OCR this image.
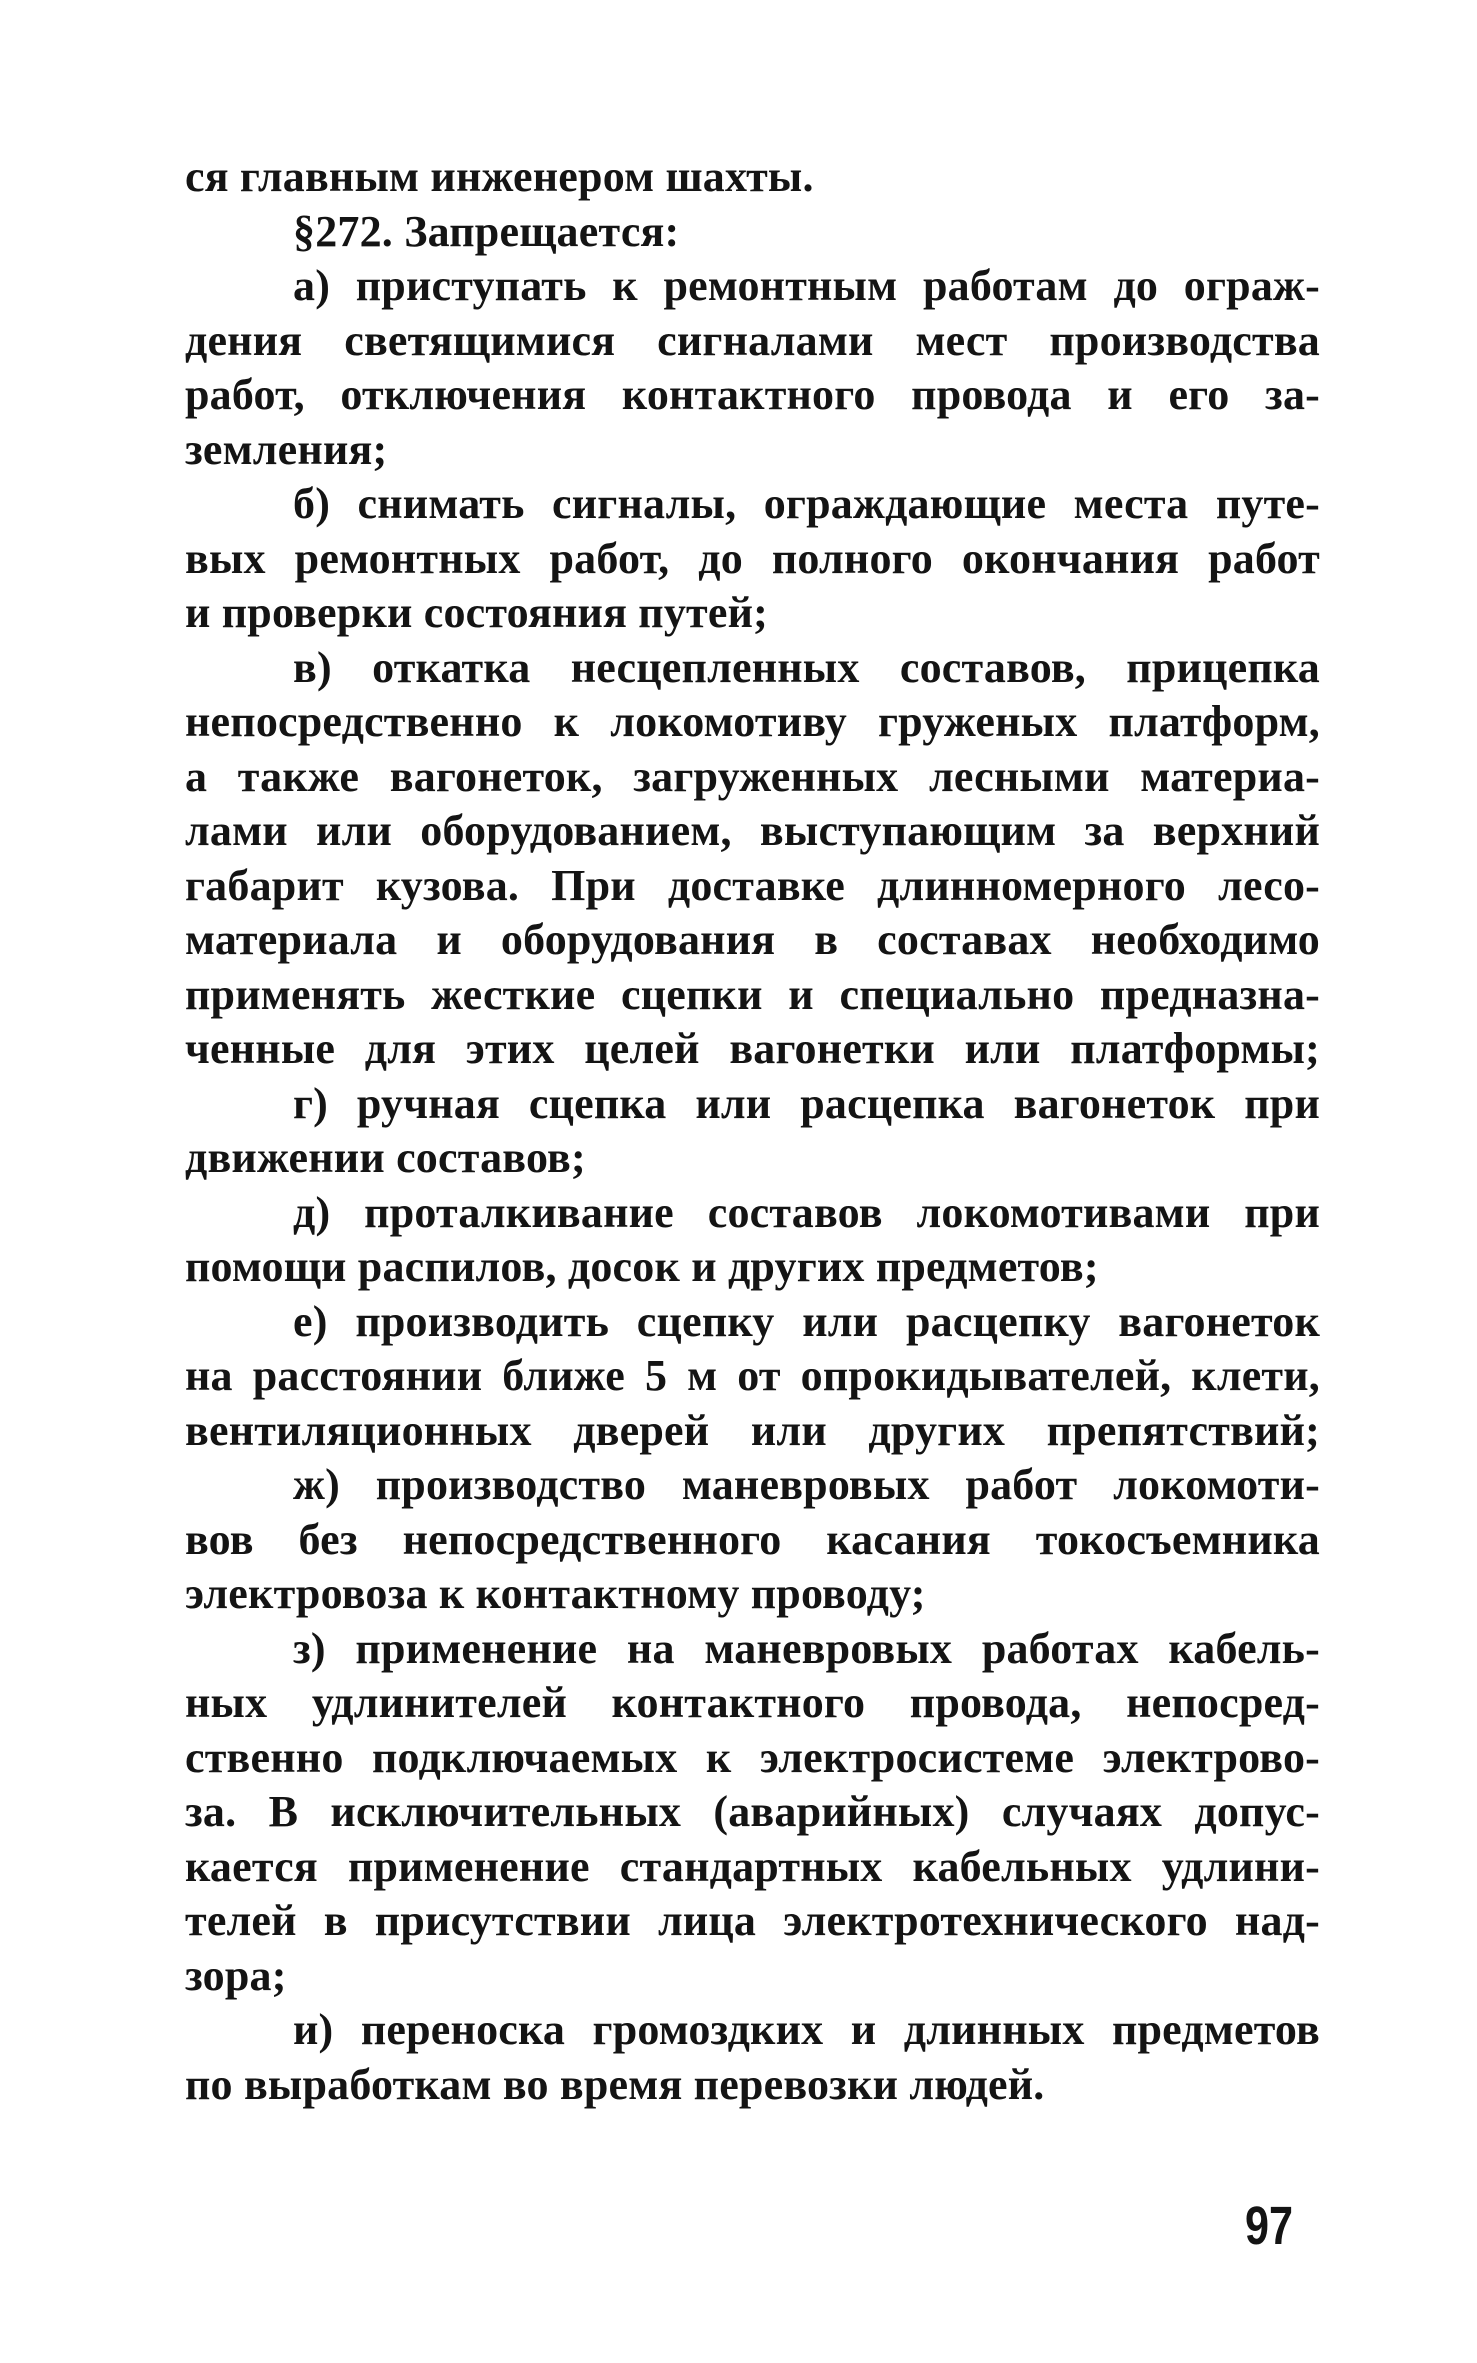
ся главным инженером шахты.
§272. Запрещается:
а) приступать к ремонтным работам до ограж-
дения светящимися сигналами мест производства
работ, отключения контактного провода и его за-
земления;
б) снимать сигналы, ограждающие места путе-
вых ремонтных работ, до полного окончания работ
и проверки состояния путей;
в) откатка несцепленных составов, прицепка
непосредственно к локомотиву груженых платформ,
а также вагонеток, загруженных лесными материа-
лами или оборудованием, выступающим за верхний
габарит кузова. При доставке длинномерного лесо-
материала и оборудования в составах необходимо
применять жесткие сцепки и специально предназна-
ченные для этих целей вагонетки или платформы;
г) ручная сцепка или расцепка вагонеток при
движении составов;
д) проталкивание составов локомотивами при
помощи распилов, досок и других предметов;
е) производить сцепку или расцепку вагонеток
на расстоянии ближе 5 м от опрокидывателей, клети,
вентиляционных дверей или других препятствий;
ж) производство маневровых работ локомоти-
вов без непосредственного касания токосъемника
электровоза к контактному проводу;
з) применение на маневровых работах кабель-
ных удлинителей контактного провода, непосред-
ственно подключаемых к электросистеме электрово-
за. В исключительных (аварийных) случаях допус-
кается применение стандартных кабельных удлини-
телей в присутствии лица электротехнического над-
зора;
и) переноска громоздких и длинных предметов
по выработкам во время перевозки людей.
97
